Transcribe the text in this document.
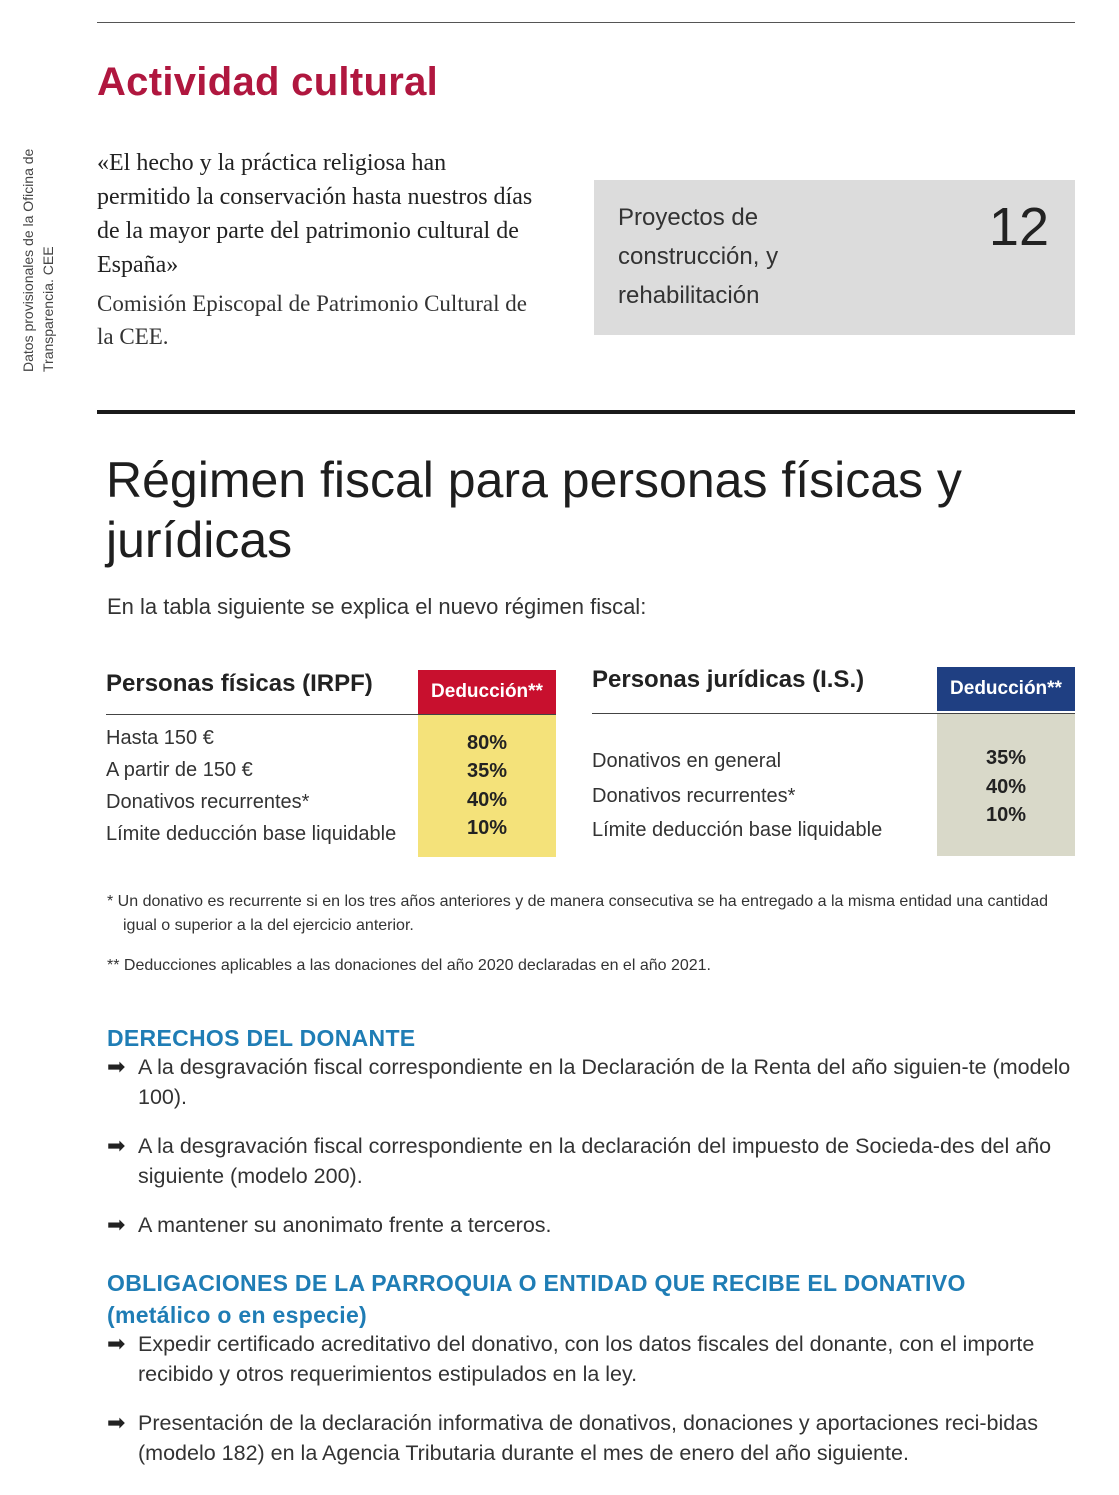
Datos provisionales de la Oficina de Transparencia. CEE
Actividad cultural
«El hecho y la práctica religiosa han permitido la conservación hasta nuestros días de la mayor parte del patrimonio cultural de España»
Comisión Episcopal de Patrimonio Cultural de la CEE.
Proyectos de construcción, y rehabilitación
12
Régimen fiscal para personas físicas y jurídicas
En la tabla siguiente se explica el nuevo régimen fiscal:
Personas físicas (IRPF)	Deducción**
Hasta 150 €
A partir de 150 €
Donativos recurrentes*
Límite deducción base liquidable
80%
35%
40%
10%
Personas jurídicas (I.S.)	Deducción**
Donativos en general
Donativos recurrentes*
Límite deducción base liquidable
35%
40%
10%
* Un donativo es recurrente si en los tres años anteriores y de manera consecutiva se ha entregado a la misma entidad una cantidad igual o superior a la del ejercicio anterior.
** Deducciones aplicables a las donaciones del año 2020 declaradas en el año 2021.
DERECHOS DEL DONANTE
➡ A la desgravación fiscal correspondiente en la Declaración de la Renta del año siguien-te (modelo 100).
➡ A la desgravación fiscal correspondiente en la declaración del impuesto de Socieda-des del año siguiente (modelo 200).
➡ A mantener su anonimato frente a terceros.
OBLIGACIONES DE LA PARROQUIA O ENTIDAD QUE RECIBE EL DONATIVO (metálico o en especie)
➡ Expedir certificado acreditativo del donativo, con los datos fiscales del donante, con el importe recibido y otros requerimientos estipulados en la ley.
➡ Presentación de la declaración informativa de donativos, donaciones y aportaciones reci-bidas (modelo 182) en la Agencia Tributaria durante el mes de enero del año siguiente.
